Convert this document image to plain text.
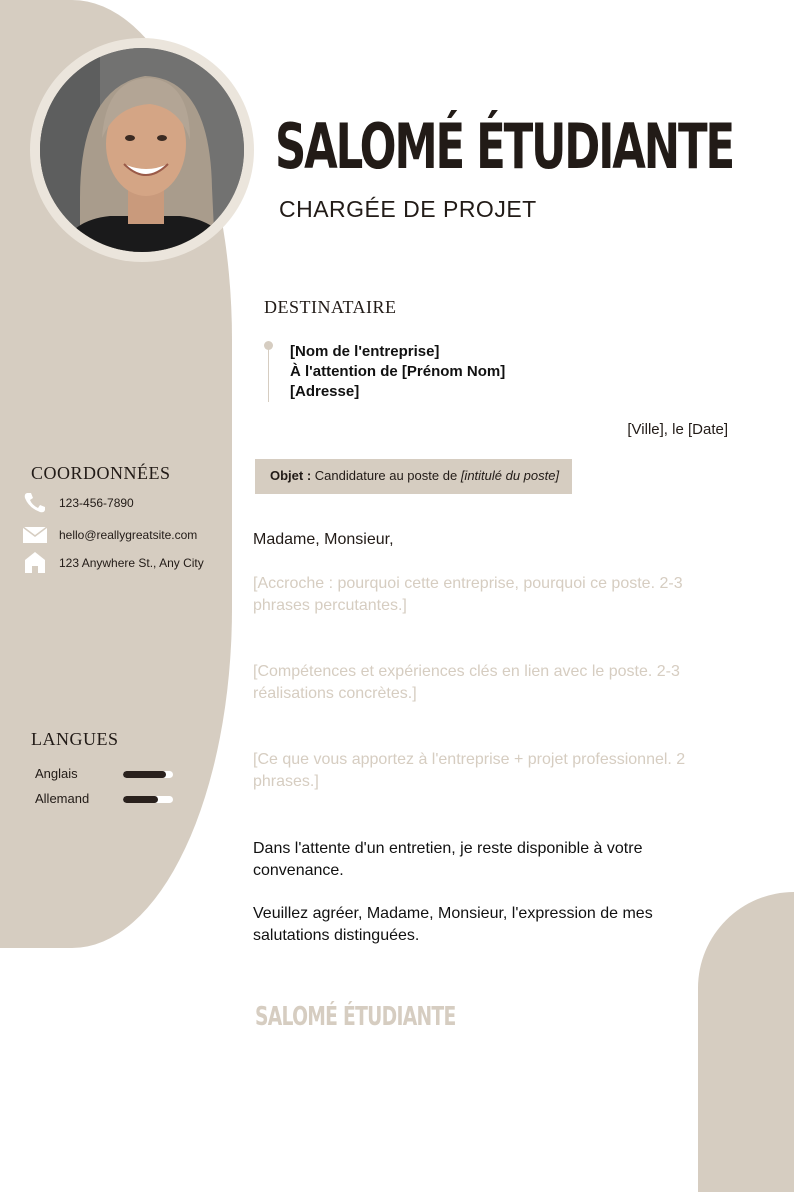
SALOMÉ ÉTUDIANTE
CHARGÉE DE PROJET
DESTINATAIRE
[Nom de l'entreprise]
À l'attention de [Prénom Nom]
[Adresse]
[Ville], le [Date]
Objet : Candidature au poste de [intitulé du poste]
COORDONNÉES
123-456-7890
hello@reallygreatsite.com
123 Anywhere St., Any City
LANGUES
Anglais
Allemand
Madame, Monsieur,

[Accroche : pourquoi cette entreprise, pourquoi ce poste. 2-3 phrases percutantes.]

[Compétences et expériences clés en lien avec le poste. 2-3 réalisations concrètes.]

[Ce que vous apportez à l'entreprise + projet professionnel. 2 phrases.]

Dans l'attente d'un entretien, je reste disponible à votre convenance.

Veuillez agréer, Madame, Monsieur, l'expression de mes salutations distinguées.

SALOMÉ ÉTUDIANTE
